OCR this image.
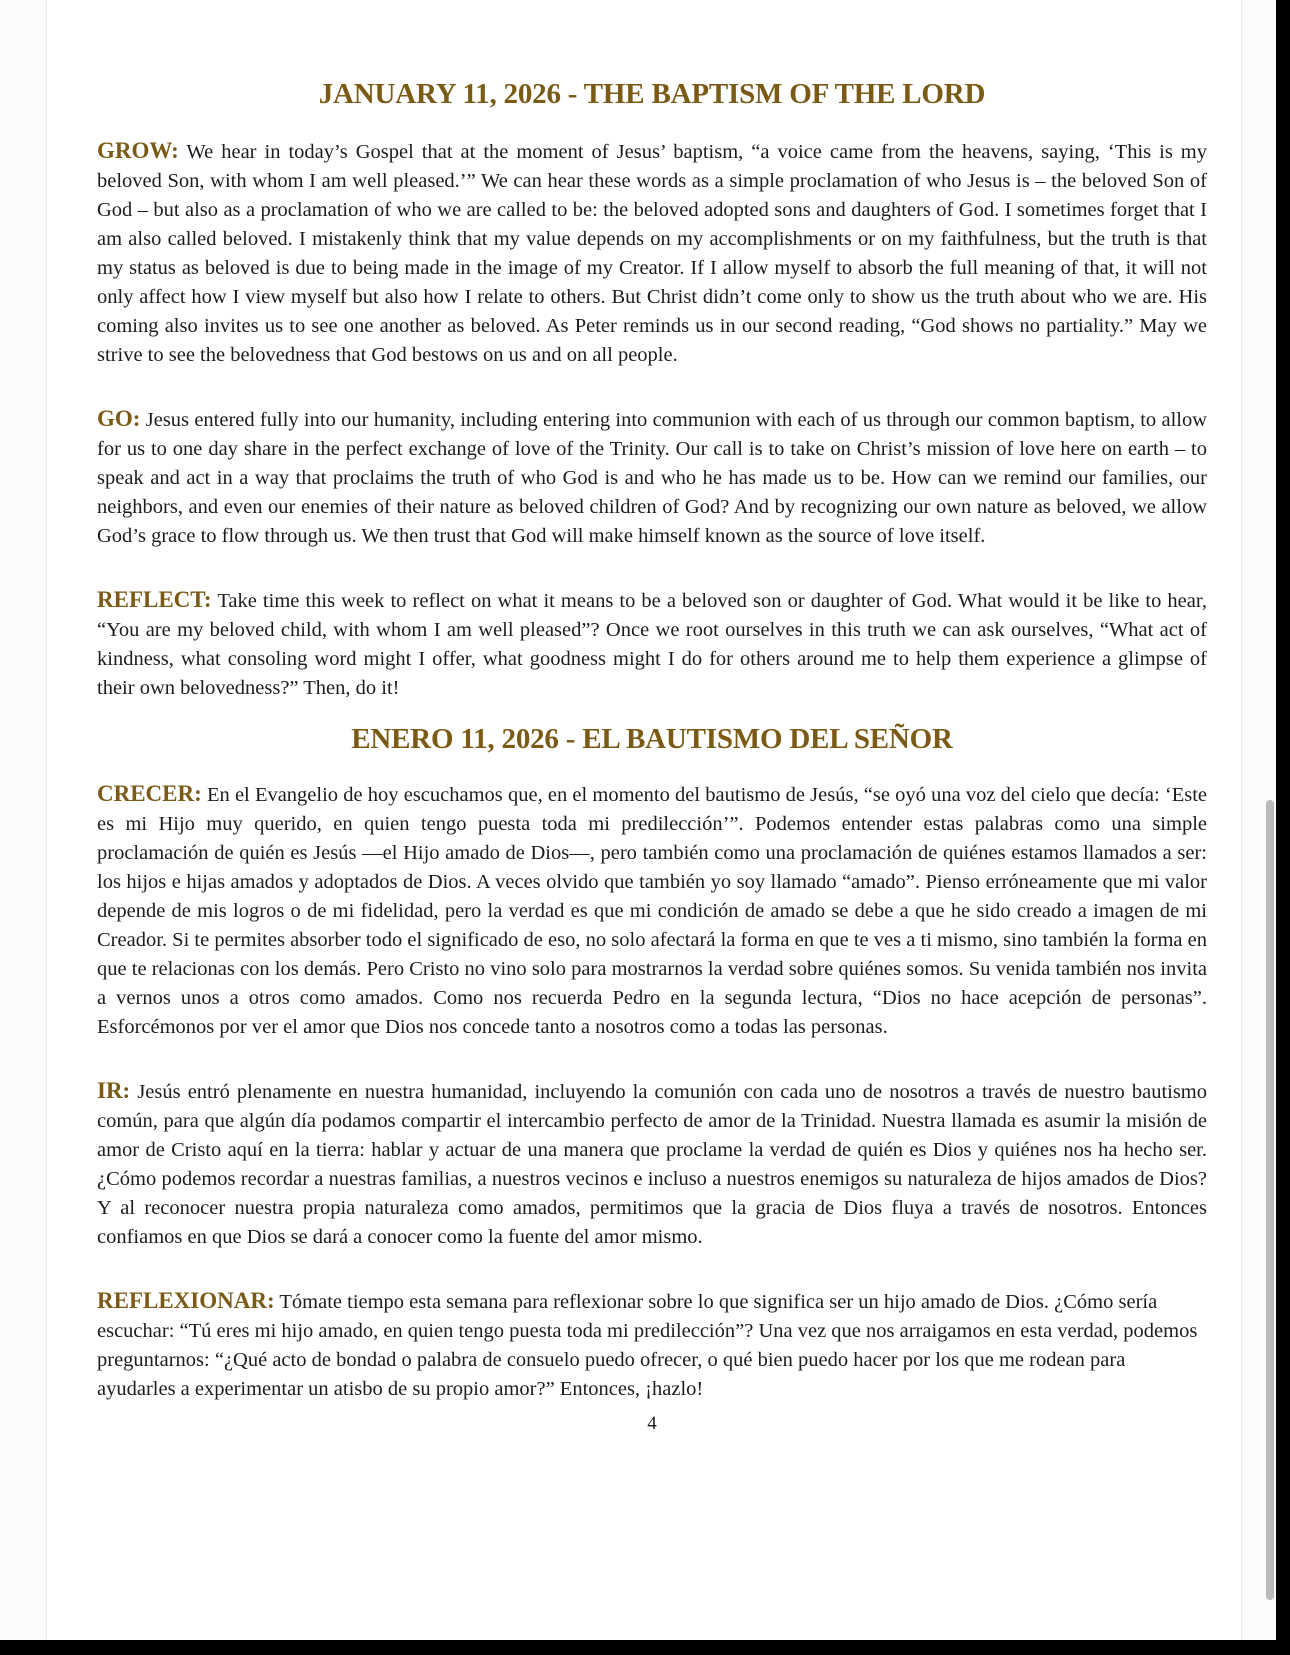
JANUARY 11, 2026 - THE BAPTISM OF THE LORD

GROW: We hear in today’s Gospel that at the moment of Jesus’ baptism, “a voice came from the heavens, saying, ‘This is my beloved Son, with whom I am well pleased.’” We can hear these words as a simple proclamation of who Jesus is – the beloved Son of God – but also as a proclamation of who we are called to be: the beloved adopted sons and daughters of God. I sometimes forget that I am also called beloved. I mistakenly think that my value depends on my accomplishments or on my faithfulness, but the truth is that my status as beloved is due to being made in the image of my Creator. If I allow myself to absorb the full meaning of that, it will not only affect how I view myself but also how I relate to others. But Christ didn’t come only to show us the truth about who we are. His coming also invites us to see one another as beloved. As Peter reminds us in our second reading, “God shows no partiality.” May we strive to see the belovedness that God bestows on us and on all people.

GO: Jesus entered fully into our humanity, including entering into communion with each of us through our common baptism, to allow for us to one day share in the perfect exchange of love of the Trinity. Our call is to take on Christ’s mission of love here on earth – to speak and act in a way that proclaims the truth of who God is and who he has made us to be. How can we remind our families, our neighbors, and even our enemies of their nature as beloved children of God? And by recognizing our own nature as beloved, we allow God’s grace to flow through us. We then trust that God will make himself known as the source of love itself.

REFLECT: Take time this week to reflect on what it means to be a beloved son or daughter of God. What would it be like to hear, “You are my beloved child, with whom I am well pleased”? Once we root ourselves in this truth we can ask ourselves, “What act of kindness, what consoling word might I offer, what goodness might I do for others around me to help them experience a glimpse of their own belovedness?” Then, do it!

ENERO 11, 2026 - EL BAUTISMO DEL SEÑOR

CRECER: En el Evangelio de hoy escuchamos que, en el momento del bautismo de Jesús, “se oyó una voz del cielo que decía: ‘Este es mi Hijo muy querido, en quien tengo puesta toda mi predilección’”. Podemos entender estas palabras como una simple proclamación de quién es Jesús —el Hijo amado de Dios—, pero también como una proclamación de quiénes estamos llamados a ser: los hijos e hijas amados y adoptados de Dios. A veces olvido que también yo soy llamado “amado”. Pienso erróneamente que mi valor depende de mis logros o de mi fidelidad, pero la verdad es que mi condición de amado se debe a que he sido creado a imagen de mi Creador. Si te permites absorber todo el significado de eso, no solo afectará la forma en que te ves a ti mismo, sino también la forma en que te relacionas con los demás. Pero Cristo no vino solo para mostrarnos la verdad sobre quiénes somos. Su venida también nos invita a vernos unos a otros como amados. Como nos recuerda Pedro en la segunda lectura, “Dios no hace acepción de personas”. Esforcémonos por ver el amor que Dios nos concede tanto a nosotros como a todas las personas.

IR: Jesús entró plenamente en nuestra humanidad, incluyendo la comunión con cada uno de nosotros a través de nuestro bautismo común, para que algún día podamos compartir el intercambio perfecto de amor de la Trinidad. Nuestra llamada es asumir la misión de amor de Cristo aquí en la tierra: hablar y actuar de una manera que proclame la verdad de quién es Dios y quiénes nos ha hecho ser. ¿Cómo podemos recordar a nuestras familias, a nuestros vecinos e incluso a nuestros enemigos su naturaleza de hijos amados de Dios? Y al reconocer nuestra propia naturaleza como amados, permitimos que la gracia de Dios fluya a través de nosotros. Entonces confiamos en que Dios se dará a conocer como la fuente del amor mismo.

REFLEXIONAR: Tómate tiempo esta semana para reflexionar sobre lo que significa ser un hijo amado de Dios. ¿Cómo sería escuchar: “Tú eres mi hijo amado, en quien tengo puesta toda mi predilección”? Una vez que nos arraigamos en esta verdad, podemos preguntarnos: “¿Qué acto de bondad o palabra de consuelo puedo ofrecer, o qué bien puedo hacer por los que me rodean para ayudarles a experimentar un atisbo de su propio amor?” Entonces, ¡hazlo!

4
